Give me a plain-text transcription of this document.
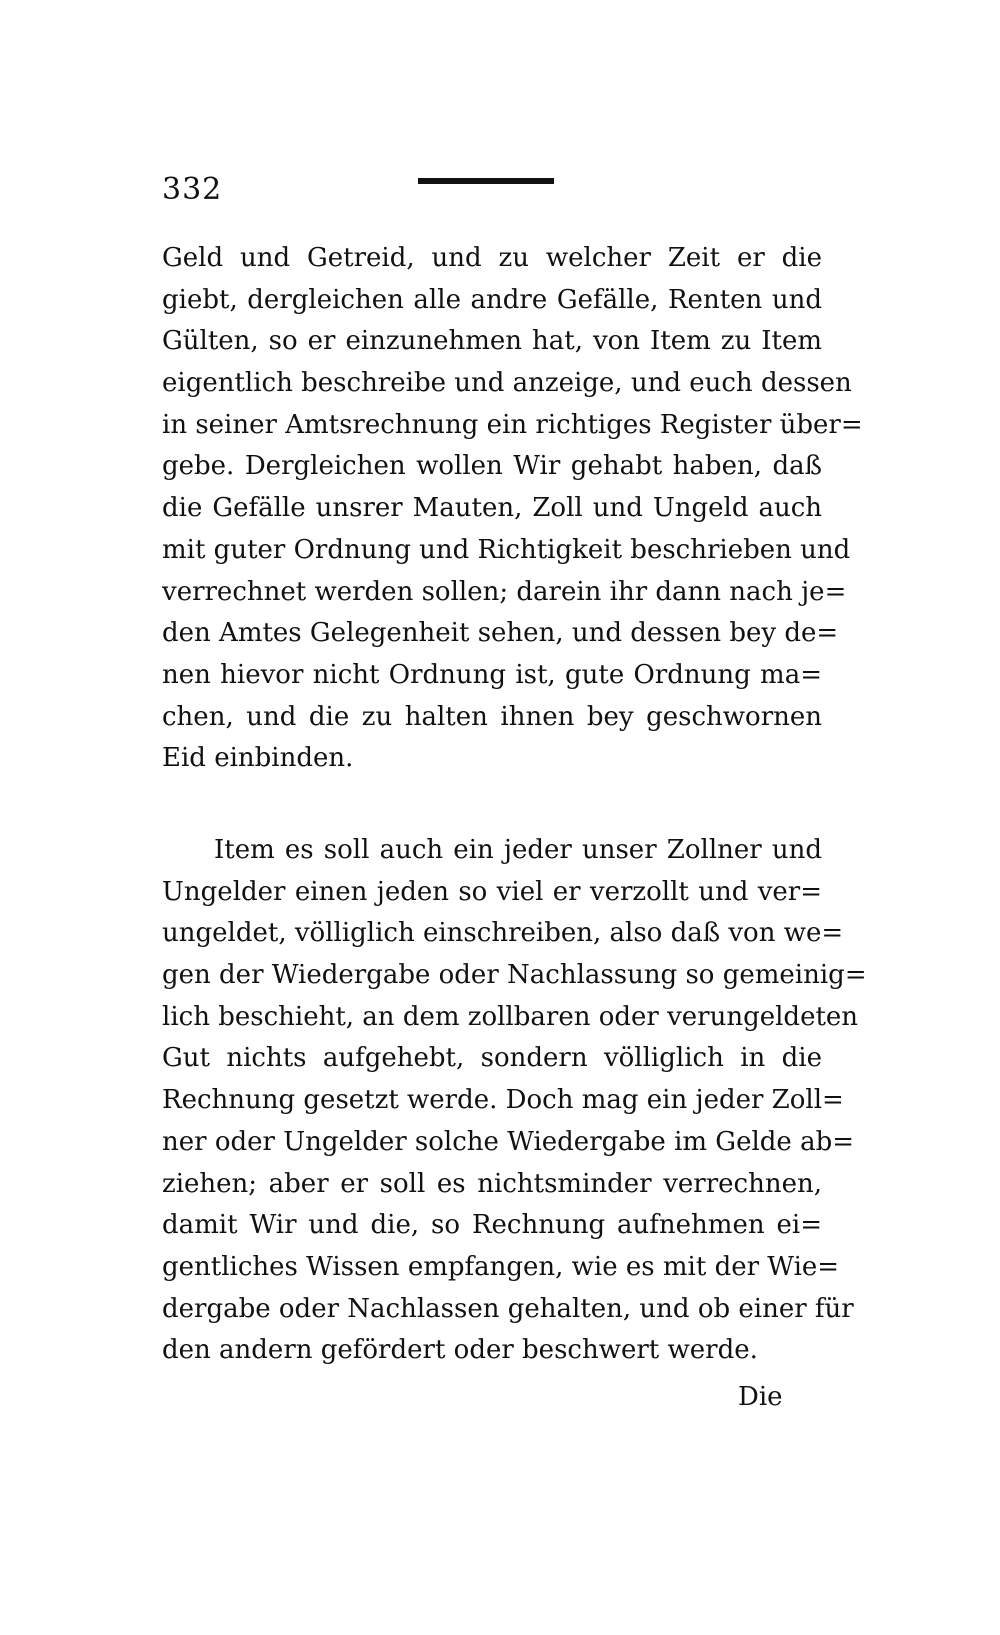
332
Geld und Getreid, und zu welcher Zeit er die
giebt, dergleichen alle andre Gefälle, Renten und
Gülten, so er einzunehmen hat, von Item zu Item
eigentlich beschreibe und anzeige, und euch dessen
in seiner Amtsrechnung ein richtiges Register über=
gebe. Dergleichen wollen Wir gehabt haben, daß
die Gefälle unsrer Mauten, Zoll und Ungeld auch
mit guter Ordnung und Richtigkeit beschrieben und
verrechnet werden sollen; darein ihr dann nach je=
den Amtes Gelegenheit sehen, und dessen bey de=
nen hievor nicht Ordnung ist, gute Ordnung ma=
chen, und die zu halten ihnen bey geschwornen
Eid einbinden.
Item es soll auch ein jeder unser Zollner und
Ungelder einen jeden so viel er verzollt und ver=
ungeldet, völliglich einschreiben, also daß von we=
gen der Wiedergabe oder Nachlassung so gemeinig=
lich beschieht, an dem zollbaren oder verungeldeten
Gut nichts aufgehebt, sondern völliglich in die
Rechnung gesetzt werde. Doch mag ein jeder Zoll=
ner oder Ungelder solche Wiedergabe im Gelde ab=
ziehen; aber er soll es nichtsminder verrechnen,
damit Wir und die, so Rechnung aufnehmen ei=
gentliches Wissen empfangen, wie es mit der Wie=
dergabe oder Nachlassen gehalten, und ob einer für
den andern gefördert oder beschwert werde.
Die
